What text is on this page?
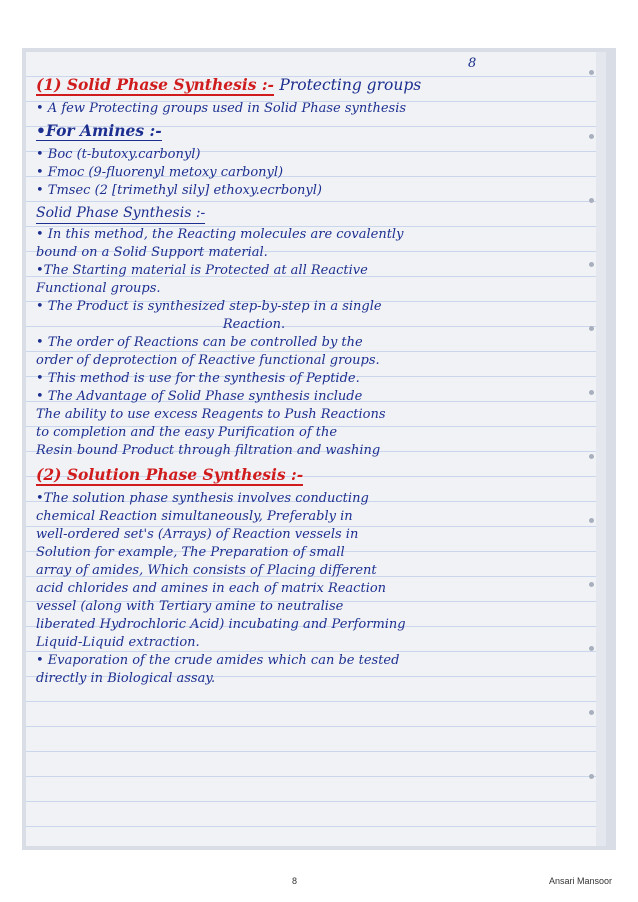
8
(1) Solid Phase Synthesis :- Protecting groups

• A few Protecting groups used in Solid Phase synthesis

•For Amines :-

• Boc (t-butoxy.carbonyl)

• Fmoc (9-fluorenyl metoxy carbonyl)

• Tmsec (2 [trimethyl sily] ethoxy.ecrbonyl)

Solid Phase Synthesis :-

• In this method, the Reacting molecules are covalently

bound on a Solid Support material.

•The Starting material is Protected at all Reactive

Functional groups.

• The Product is synthesized step-by-step in a single

Reaction.

• The order of Reactions can be controlled by the

order of deprotection of Reactive functional groups.

• This method is use for the synthesis of Peptide.

• The Advantage of Solid Phase synthesis include

The ability to use excess Reagents to Push Reactions

to completion and the easy Purification of the

Resin bound Product through filtration and washing

(2) Solution Phase Synthesis :-

•The solution phase synthesis involves conducting

chemical Reaction simultaneously, Preferably in

well-ordered set's (Arrays) of Reaction vessels in

Solution for example, The Preparation of small

array of amides, Which consists of Placing different

acid chlorides and amines in each of matrix Reaction

vessel (along with Tertiary amine to neutralise

liberated Hydrochloric Acid) incubating and Performing

Liquid-Liquid extraction.

• Evaporation of the crude amides which can be tested

directly in Biological assay.

8	Ansari Mansoor
